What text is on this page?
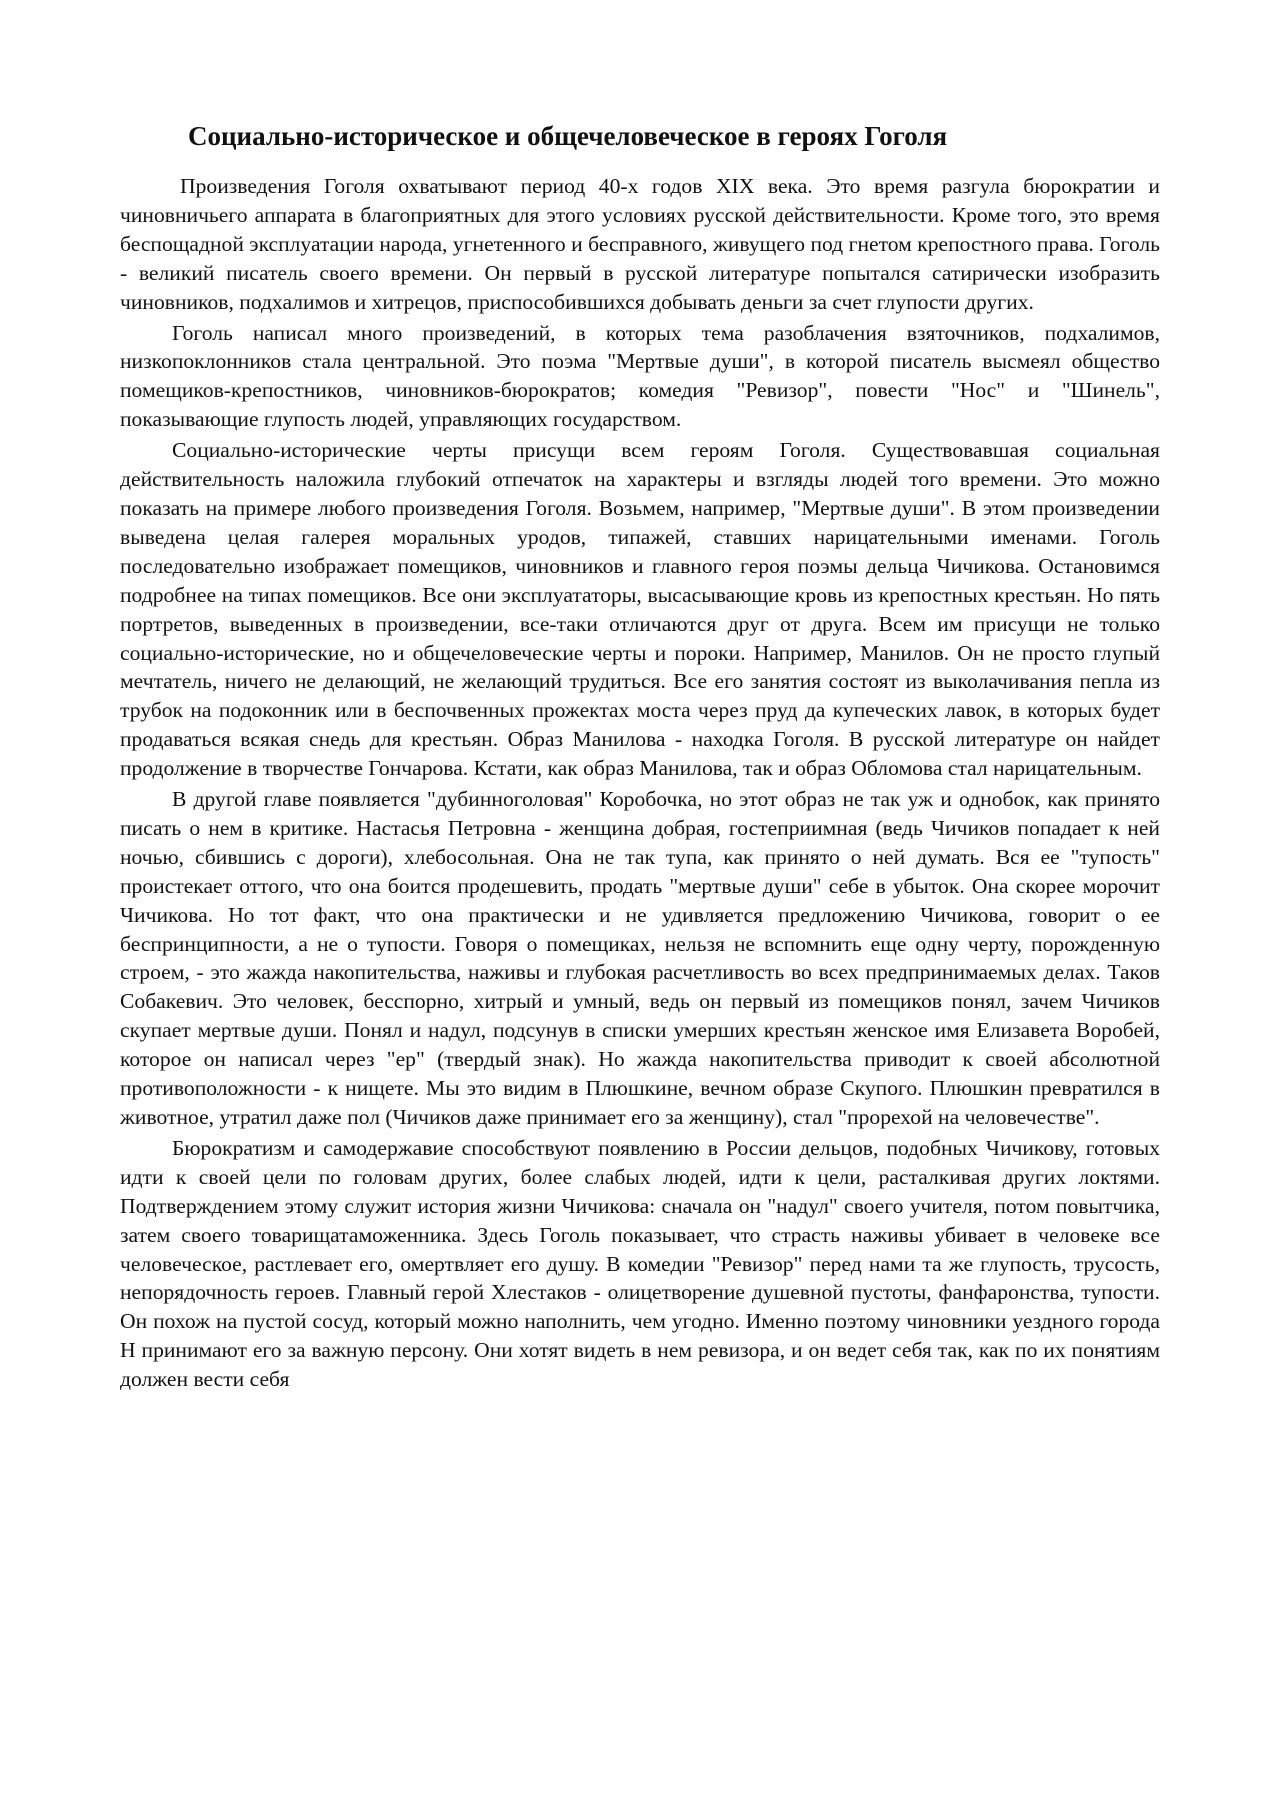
Социально-историческое и общечеловеческое в героях Гоголя

Произведения Гоголя охватывают период 40-х годов XIX века. Это время разгула бюрократии и чиновничьего аппарата в благоприятных для этого условиях русской действительности. Кроме того, это время беспощадной эксплуатации народа, угнетенного и бесправного, живущего под гнетом крепостного права. Гоголь - великий писатель своего времени. Он первый в русской литературе попытался сатирически изобразить чиновников, подхалимов и хитрецов, приспособившихся добывать деньги за счет глупости других.

Гоголь написал много произведений, в которых тема разоблачения взяточников, подхалимов, низкопоклонников стала центральной. Это поэма "Мертвые души", в которой писатель высмеял общество помещиков-крепостников, чиновников-бюрократов; комедия "Ревизор", повести "Нос" и "Шинель", показывающие глупость людей, управляющих государством.

Социально-исторические черты присущи всем героям Гоголя. Существовавшая социальная действительность наложила глубокий отпечаток на характеры и взгляды людей того времени. Это можно показать на примере любого произведения Гоголя. Возьмем, например, "Мертвые души". В этом произведении выведена целая галерея моральных уродов, типажей, ставших нарицательными именами. Гоголь последовательно изображает помещиков, чиновников и главного героя поэмы дельца Чичикова. Остановимся подробнее на типах помещиков. Все они эксплуататоры, высасывающие кровь из крепостных крестьян. Но пять портретов, выведенных в произведении, все-таки отличаются друг от друга. Всем им присущи не только социально-исторические, но и общечеловеческие черты и пороки. Например, Манилов. Он не просто глупый мечтатель, ничего не делающий, не желающий трудиться. Все его занятия состоят из выколачивания пепла из трубок на подоконник или в беспочвенных прожектах моста через пруд да купеческих лавок, в которых будет продаваться всякая снедь для крестьян. Образ Манилова - находка Гоголя. В русской литературе он найдет продолжение в творчестве Гончарова. Кстати, как образ Манилова, так и образ Обломова стал нарицательным.

В другой главе появляется "дубинноголовая" Коробочка, но этот образ не так уж и однобок, как принято писать о нем в критике. Настасья Петровна - женщина добрая, гостеприимная (ведь Чичиков попадает к ней ночью, сбившись с дороги), хлебосольная. Она не так тупа, как принято о ней думать. Вся ее "тупость" проистекает оттого, что она боится продешевить, продать "мертвые души" себе в убыток. Она скорее морочит Чичикова. Но тот факт, что она практически и не удивляется предложению Чичикова, говорит о ее беспринципности, а не о тупости. Говоря о помещиках, нельзя не вспомнить еще одну черту, порожденную строем, - это жажда накопительства, наживы и глубокая расчетливость во всех предпринимаемых делах. Таков Собакевич. Это человек, бесспорно, хитрый и умный, ведь он первый из помещиков понял, зачем Чичиков скупает мертвые души. Понял и надул, подсунув в списки умерших крестьян женское имя Елизавета Воробей, которое он написал через "ер" (твердый знак). Но жажда накопительства приводит к своей абсолютной противоположности - к нищете. Мы это видим в Плюшкине, вечном образе Скупого. Плюшкин превратился в животное, утратил даже пол (Чичиков даже принимает его за женщину), стал "прорехой на человечестве".

Бюрократизм и самодержавие способствуют появлению в России дельцов, подобных Чичикову, готовых идти к своей цели по головам других, более слабых людей, идти к цели, расталкивая других локтями. Подтверждением этому служит история жизни Чичикова: сначала он "надул" своего учителя, потом повытчика, затем своего товарищатаможенника. Здесь Гоголь показывает, что страсть наживы убивает в человеке все человеческое, растлевает его, омертвляет его душу. В комедии "Ревизор" перед нами та же глупость, трусость, непорядочность героев. Главный герой Хлестаков - олицетворение душевной пустоты, фанфаронства, тупости. Он похож на пустой сосуд, который можно наполнить, чем угодно. Именно поэтому чиновники уездного города Н принимают его за важную персону. Они хотят видеть в нем ревизора, и он ведет себя так, как по их понятиям должен вести себя
